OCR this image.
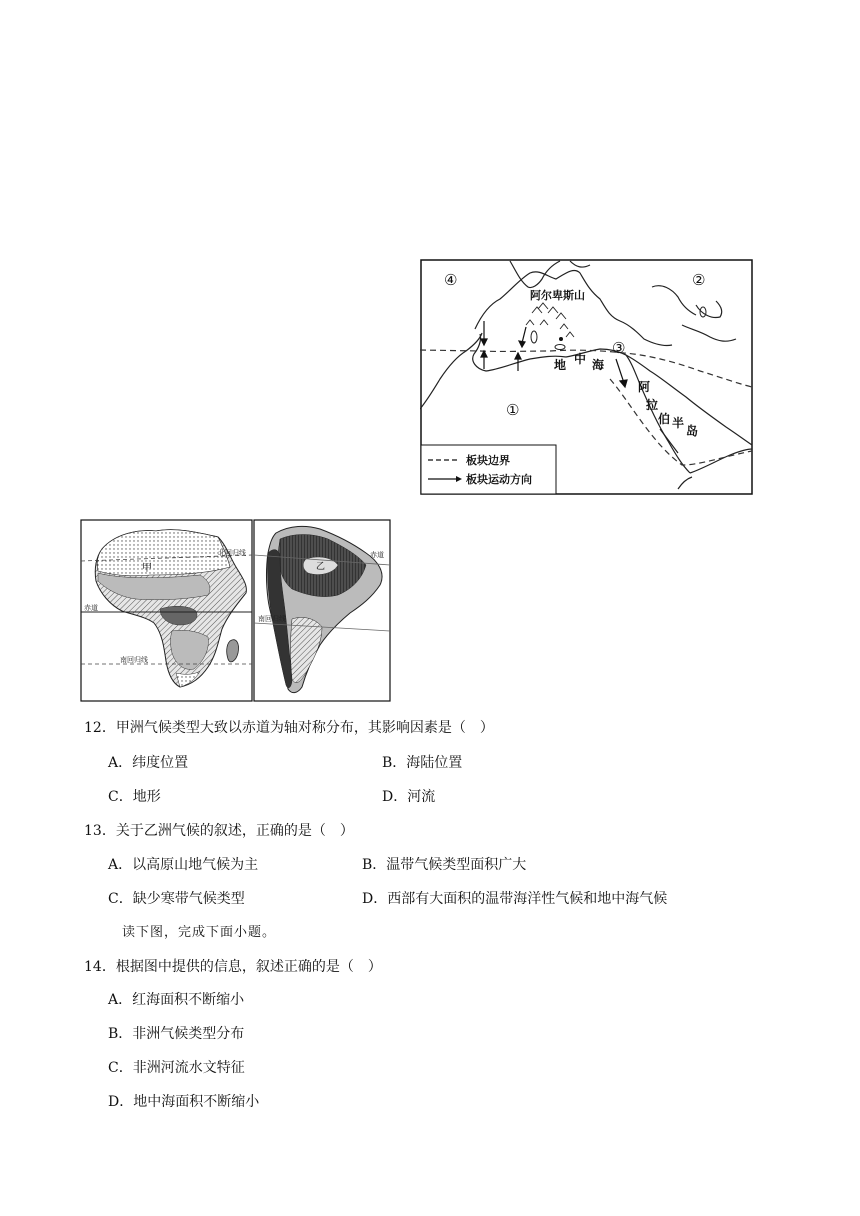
④	②
③
①
阿尔卑斯山
地 中 海
阿
拉
伯 半
岛
板块边界
板块运动方向
甲
北回归线
赤道
南回归线
乙
赤道
南回归线
12．甲洲气候类型大致以赤道为轴对称分布，其影响因素是（　）
A．纬度位置	B．海陆位置
C．地形	D．河流
13．关于乙洲气候的叙述，正确的是（　）
A．以高原山地气候为主	B．温带气候类型面积广大
C．缺少寒带气候类型	D．西部有大面积的温带海洋性气候和地中海气候
读下图，完成下面小题。
14．根据图中提供的信息，叙述正确的是（　）
A．红海面积不断缩小
B．非洲气候类型分布
C．非洲河流水文特征
D．地中海面积不断缩小
